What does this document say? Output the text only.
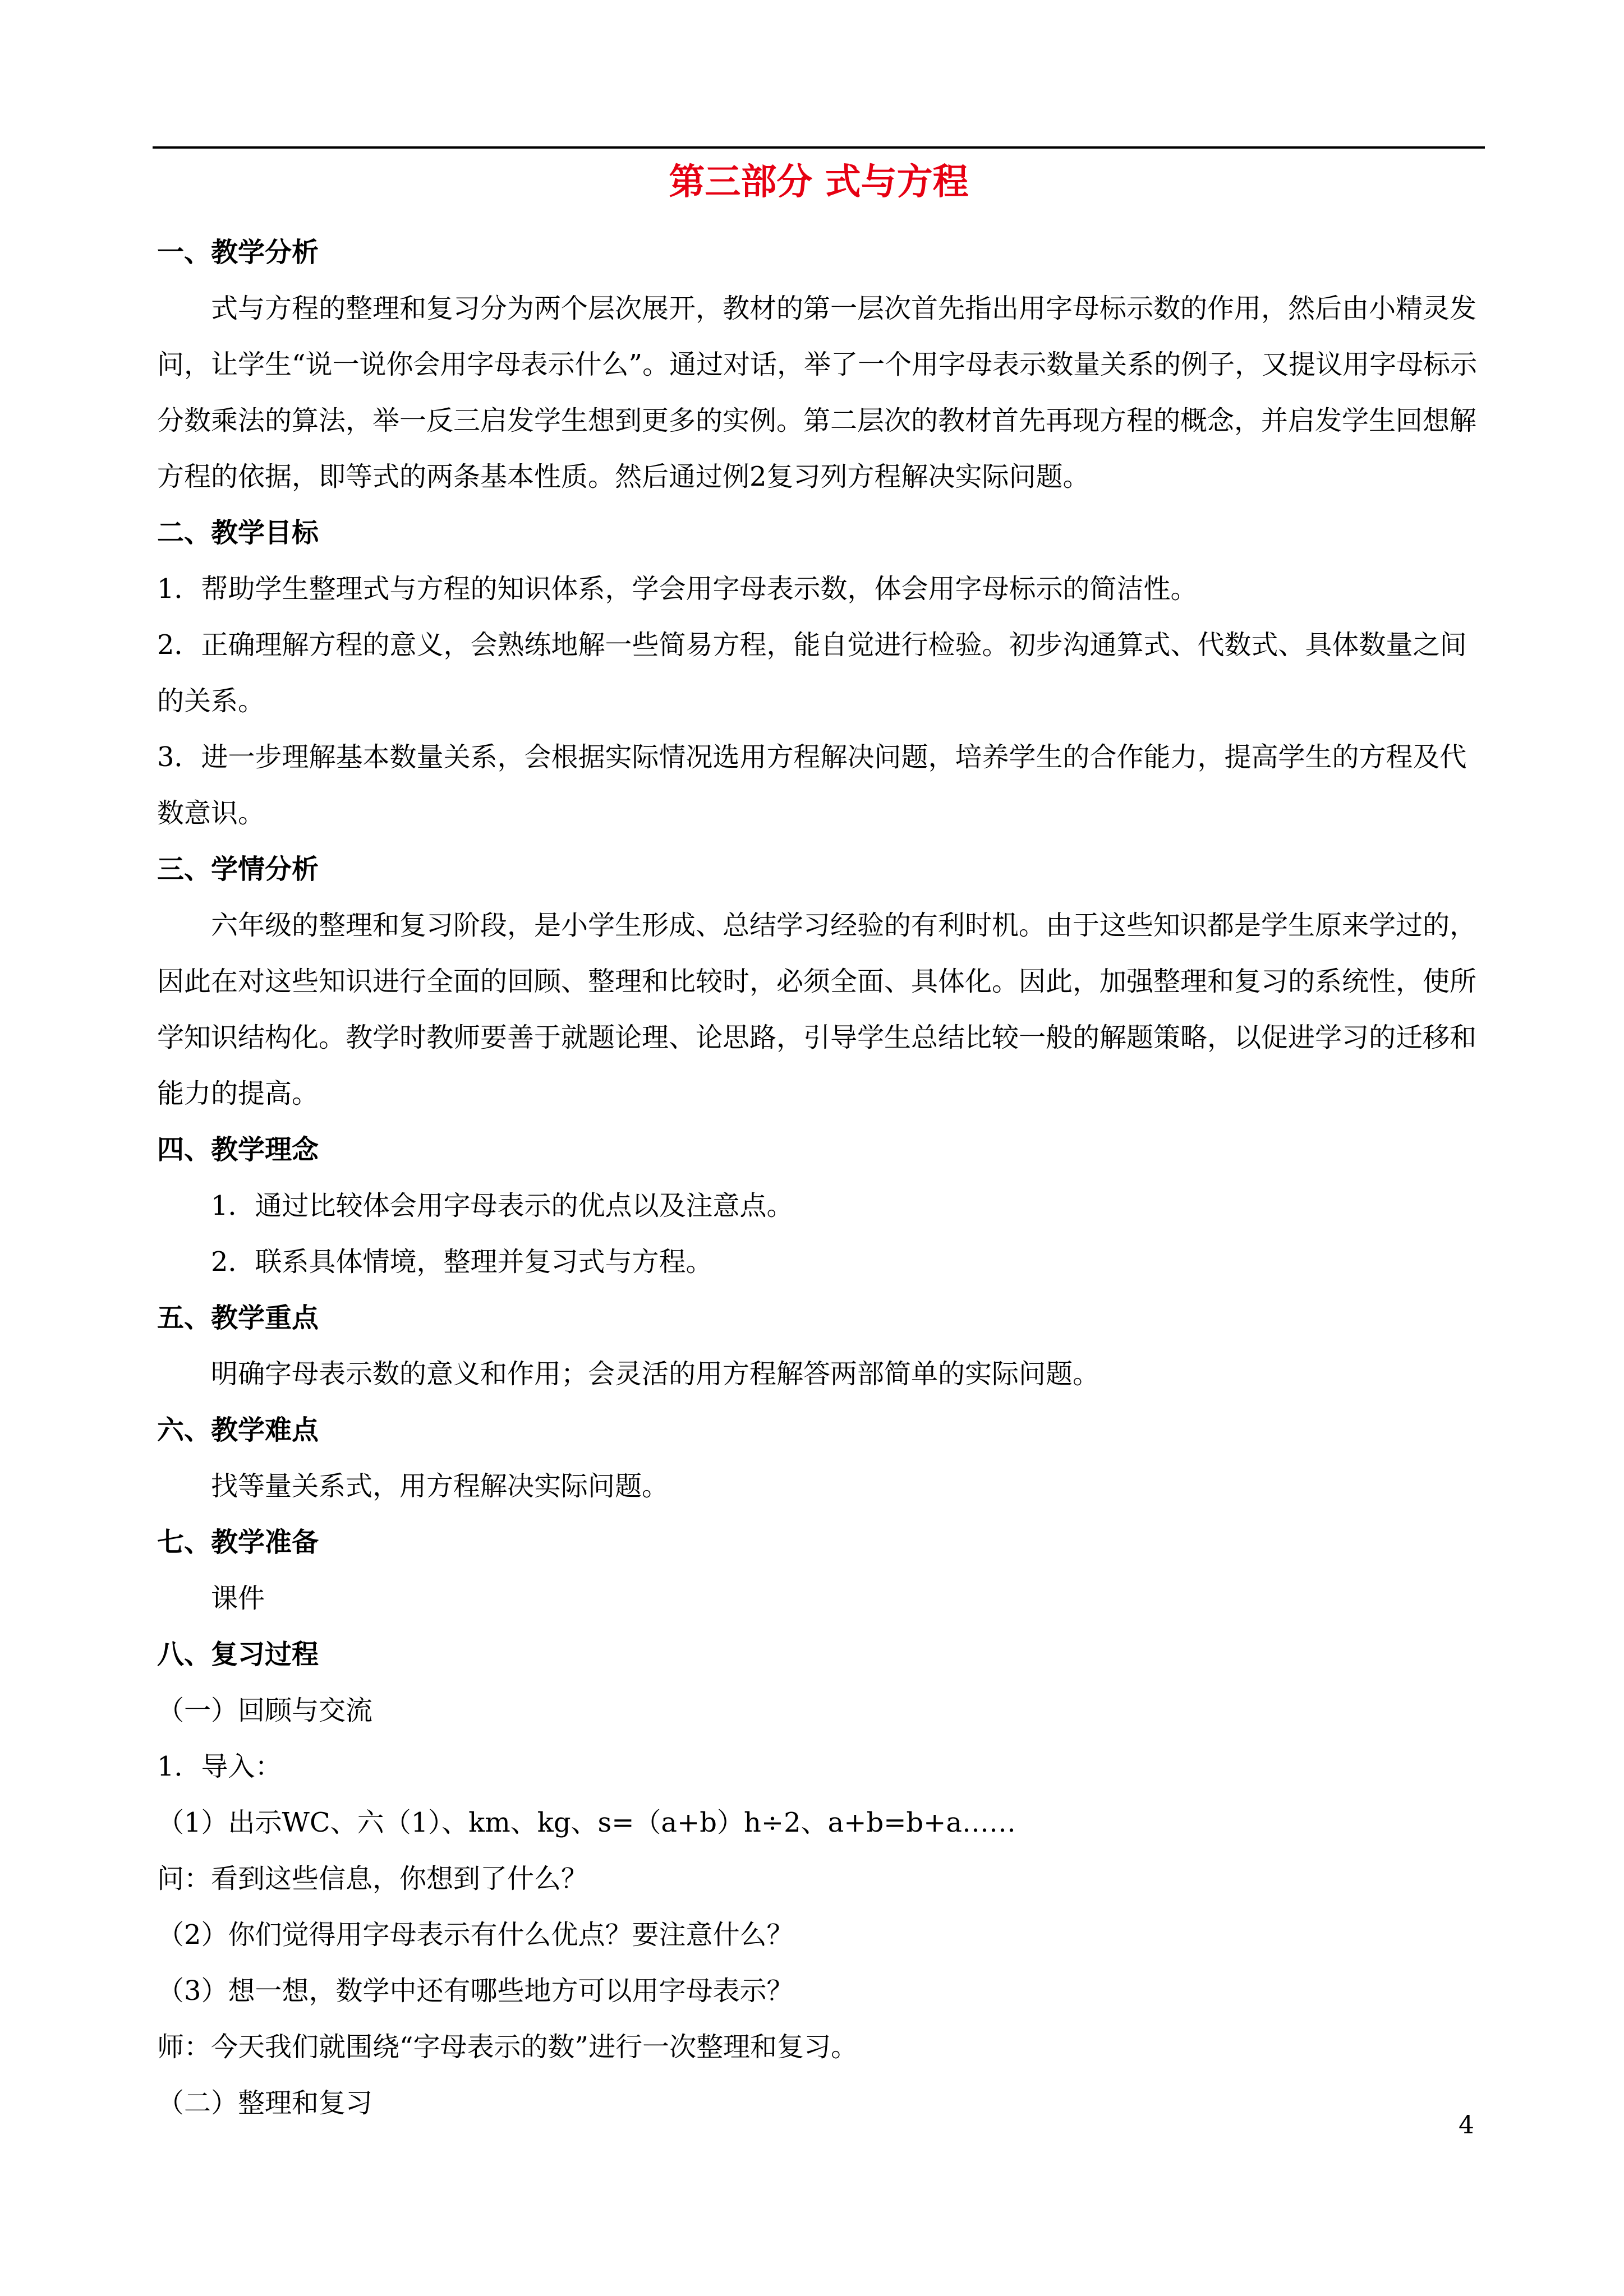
第三部分 式与方程

一、教学分析

式与方程的整理和复习分为两个层次展开，教材的第一层次首先指出用字母标示数的作用，然后由小精灵发问，让学生“说一说你会用字母表示什么”。通过对话，举了一个用字母表示数量关系的例子，又提议用字母标示分数乘法的算法，举一反三启发学生想到更多的实例。第二层次的教材首先再现方程的概念，并启发学生回想解方程的依据，即等式的两条基本性质。然后通过例2复习列方程解决实际问题。

二、教学目标

1．帮助学生整理式与方程的知识体系，学会用字母表示数，体会用字母标示的简洁性。

2．正确理解方程的意义，会熟练地解一些简易方程，能自觉进行检验。初步沟通算式、代数式、具体数量之间的关系。

3．进一步理解基本数量关系，会根据实际情况选用方程解决问题，培养学生的合作能力，提高学生的方程及代数意识。

三、学情分析

六年级的整理和复习阶段，是小学生形成、总结学习经验的有利时机。由于这些知识都是学生原来学过的，因此在对这些知识进行全面的回顾、整理和比较时，必须全面、具体化。因此，加强整理和复习的系统性，使所学知识结构化。教学时教师要善于就题论理、论思路，引导学生总结比较一般的解题策略，以促进学习的迁移和能力的提高。

四、教学理念

1．通过比较体会用字母表示的优点以及注意点。

2．联系具体情境，整理并复习式与方程。

五、教学重点

明确字母表示数的意义和作用；会灵活的用方程解答两部简单的实际问题。

六、教学难点

找等量关系式，用方程解决实际问题。

七、教学准备

课件

八、复习过程

（一）回顾与交流

1．导入：

（1）出示WC、六（1）、km、kg、s=（a+b）h÷2、a+b=b+a……

问：看到这些信息，你想到了什么？

（2）你们觉得用字母表示有什么优点？要注意什么？

（3）想一想，数学中还有哪些地方可以用字母表示？

师：今天我们就围绕“字母表示的数”进行一次整理和复习。

（二）整理和复习

4
